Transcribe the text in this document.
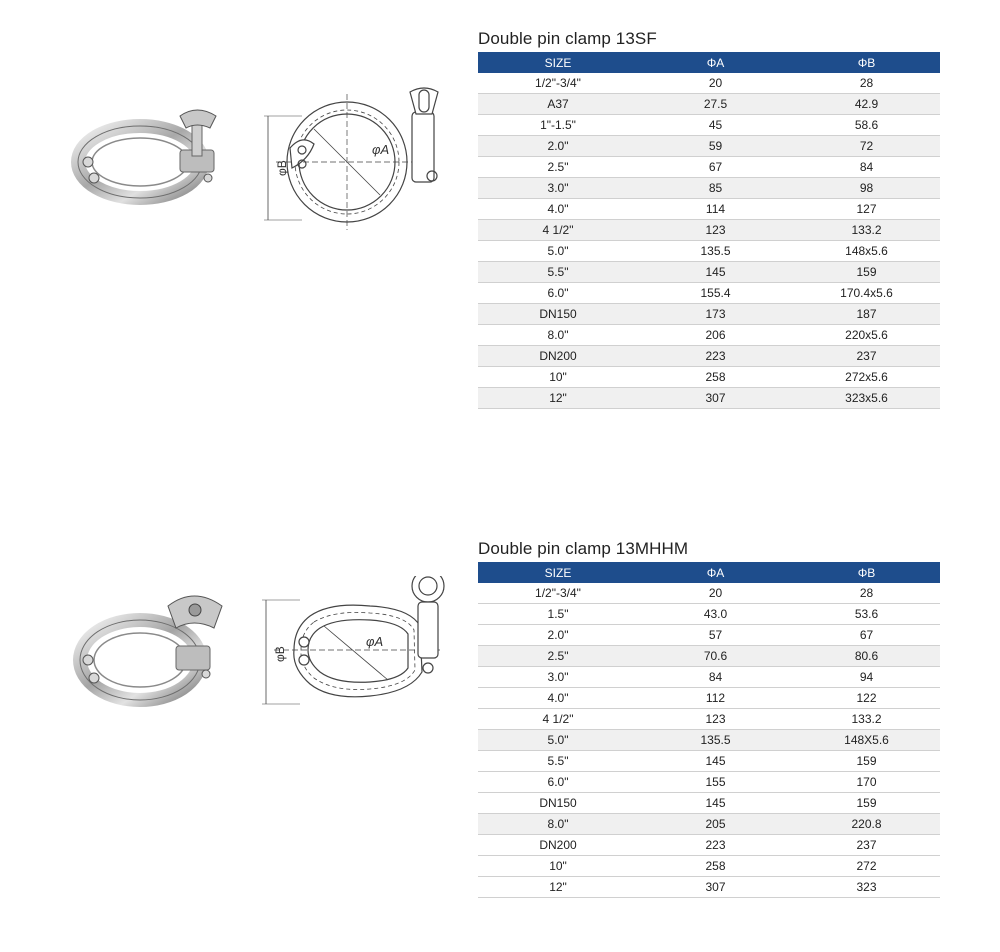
φB
φA
Double pin clamp 13SF
SIZE	ΦA	ΦB
1/2"-3/4"	20	28
A37	27.5	42.9
1"-1.5"	45	58.6
2.0"	59	72
2.5"	67	84
3.0"	85	98
4.0"	114	127
4 1/2"	123	133.2
5.0"	135.5	148x5.6
5.5"	145	159
6.0"	155.4	170.4x5.6
DN150	173	187
8.0"	206	220x5.6
DN200	223	237
10"	258	272x5.6
12"	307	323x5.6
φB
φA
Double pin clamp 13MHHM
SIZE	ΦA	ΦB
1/2"-3/4"	20	28
1.5"	43.0	53.6
2.0"	57	67
2.5"	70.6	80.6
3.0"	84	94
4.0"	112	122
4 1/2"	123	133.2
5.0"	135.5	148X5.6
5.5"	145	159
6.0"	155	170
DN150	145	159
8.0"	205	220.8
DN200	223	237
10"	258	272
12"	307	323
